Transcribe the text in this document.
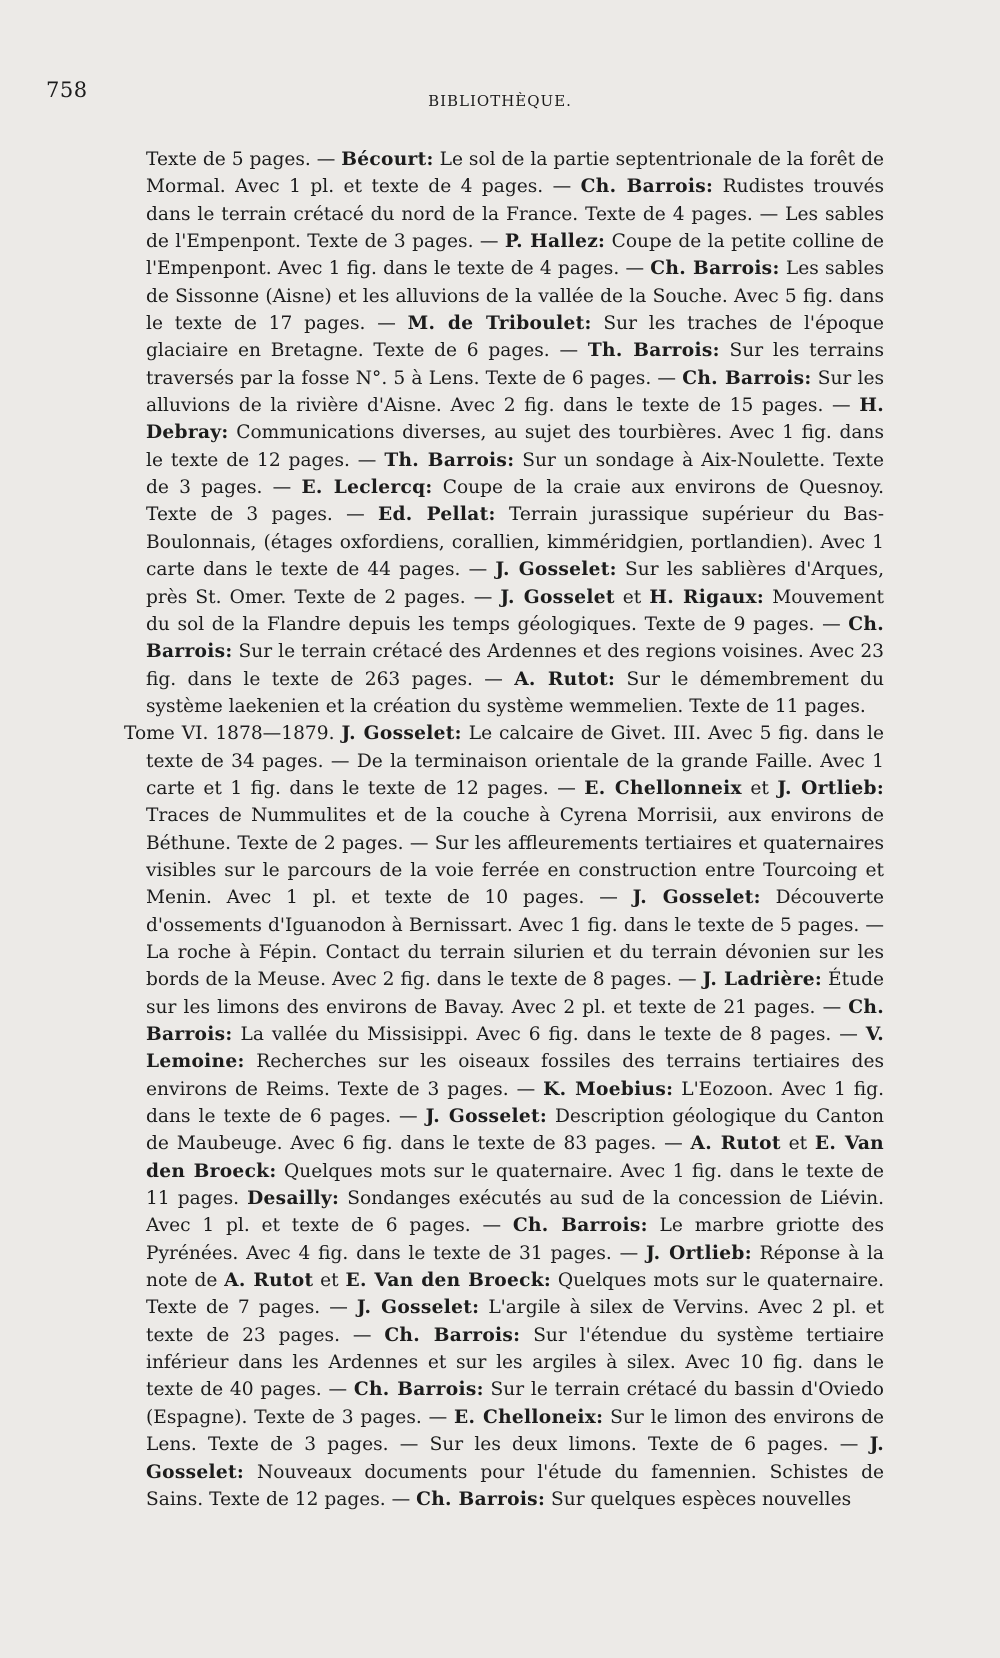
758	BIBLIOTHÈQUE.

Texte de 5 pages. — Bécourt: Le sol de la partie septentrionale de la forêt de Mormal. Avec 1 pl. et texte de 4 pages. — Ch. Barrois: Rudistes trouvés dans le terrain crétacé du nord de la France. Texte de 4 pages. — Les sables de l'Empenpont. Texte de 3 pages. — P. Hallez: Coupe de la petite colline de l'Empenpont. Avec 1 fig. dans le texte de 4 pages. — Ch. Barrois: Les sables de Sissonne (Aisne) et les alluvions de la vallée de la Souche. Avec 5 fig. dans le texte de 17 pages. — M. de Triboulet: Sur les traches de l'époque glaciaire en Bretagne. Texte de 6 pages. — Th. Barrois: Sur les terrains traversés par la fosse N°. 5 à Lens. Texte de 6 pages. — Ch. Barrois: Sur les alluvions de la rivière d'Aisne. Avec 2 fig. dans le texte de 15 pages. — H. Debray: Communications diverses, au sujet des tourbières. Avec 1 fig. dans le texte de 12 pages. — Th. Barrois: Sur un sondage à Aix-Noulette. Texte de 3 pages. — E. Leclercq: Coupe de la craie aux environs de Quesnoy. Texte de 3 pages. — Ed. Pellat: Terrain jurassique supérieur du Bas-Boulonnais, (étages oxfordiens, corallien, kimméridgien, portlandien). Avec 1 carte dans le texte de 44 pages. — J. Gosselet: Sur les sablières d'Arques, près St. Omer. Texte de 2 pages. — J. Gosselet et H. Rigaux: Mouvement du sol de la Flandre depuis les temps géologiques. Texte de 9 pages. — Ch. Barrois: Sur le terrain crétacé des Ardennes et des regions voisines. Avec 23 fig. dans le texte de 263 pages. — A. Rutot: Sur le démembrement du système laekenien et la création du système wemmelien. Texte de 11 pages.

Tome VI. 1878—1879. J. Gosselet: Le calcaire de Givet. III. Avec 5 fig. dans le texte de 34 pages. — De la terminaison orientale de la grande Faille. Avec 1 carte et 1 fig. dans le texte de 12 pages. — E. Chellonneix et J. Ortlieb: Traces de Nummulites et de la couche à Cyrena Morrisii, aux environs de Béthune. Texte de 2 pages. — Sur les affleurements tertiaires et quaternaires visibles sur le parcours de la voie ferrée en construction entre Tourcoing et Menin. Avec 1 pl. et texte de 10 pages. — J. Gosselet: Découverte d'ossements d'Iguanodon à Bernissart. Avec 1 fig. dans le texte de 5 pages. — La roche à Fépin. Contact du terrain silurien et du terrain dévonien sur les bords de la Meuse. Avec 2 fig. dans le texte de 8 pages. — J. Ladrière: Étude sur les limons des environs de Bavay. Avec 2 pl. et texte de 21 pages. — Ch. Barrois: La vallée du Missisippi. Avec 6 fig. dans le texte de 8 pages. — V. Lemoine: Recherches sur les oiseaux fossiles des terrains tertiaires des environs de Reims. Texte de 3 pages. — K. Moebius: L'Eozoon. Avec 1 fig. dans le texte de 6 pages. — J. Gosselet: Description géologique du Canton de Maubeuge. Avec 6 fig. dans le texte de 83 pages. — A. Rutot et E. Van den Broeck: Quelques mots sur le quaternaire. Avec 1 fig. dans le texte de 11 pages. Desailly: Sondanges exécutés au sud de la concession de Liévin. Avec 1 pl. et texte de 6 pages. — Ch. Barrois: Le marbre griotte des Pyrénées. Avec 4 fig. dans le texte de 31 pages. — J. Ortlieb: Réponse à la note de A. Rutot et E. Van den Broeck: Quelques mots sur le quaternaire. Texte de 7 pages. — J. Gosselet: L'argile à silex de Vervins. Avec 2 pl. et texte de 23 pages. — Ch. Barrois: Sur l'étendue du système tertiaire inférieur dans les Ardennes et sur les argiles à silex. Avec 10 fig. dans le texte de 40 pages. — Ch. Barrois: Sur le terrain crétacé du bassin d'Oviedo (Espagne). Texte de 3 pages. — E. Chelloneix: Sur le limon des environs de Lens. Texte de 3 pages. — Sur les deux limons. Texte de 6 pages. — J. Gosselet: Nouveaux documents pour l'étude du famennien. Schistes de Sains. Texte de 12 pages. — Ch. Barrois: Sur quelques espèces nouvelles
